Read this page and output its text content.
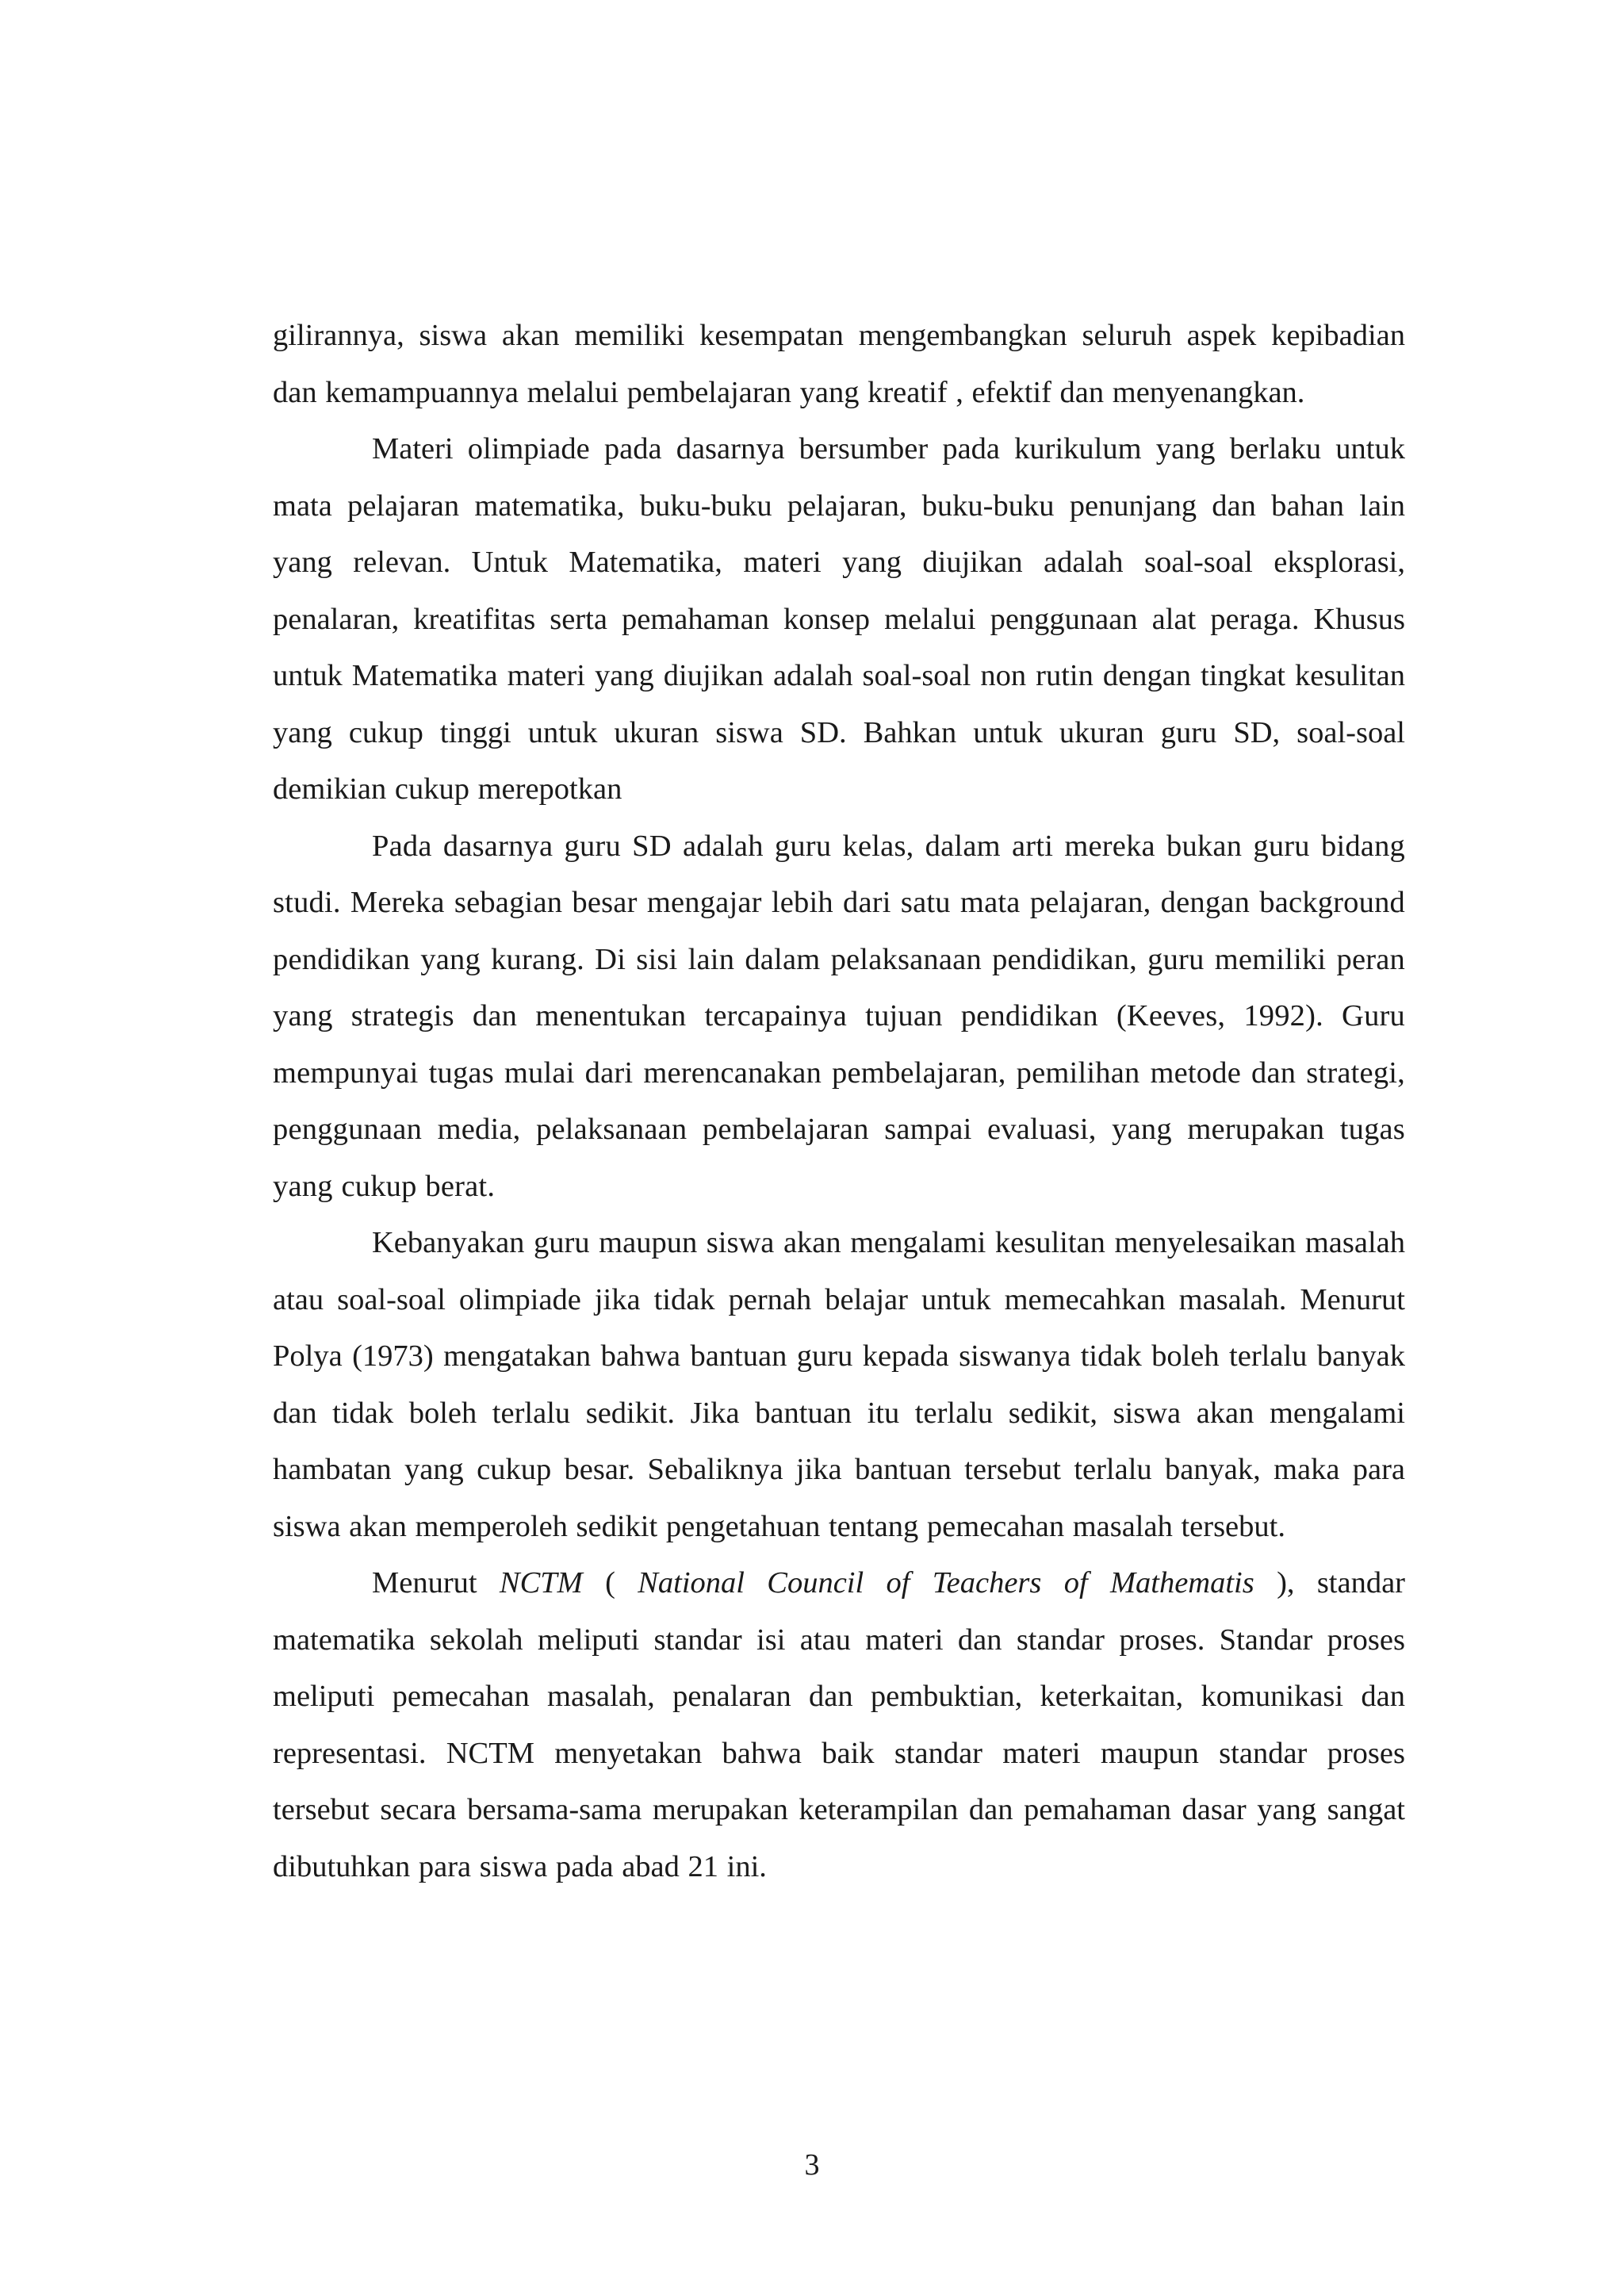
gilirannya, siswa akan memiliki kesempatan mengembangkan seluruh aspek kepibadian dan kemampuannya melalui pembelajaran yang kreatif , efektif dan menyenangkan.

Materi olimpiade pada dasarnya bersumber pada kurikulum yang berlaku untuk mata pelajaran matematika, buku-buku pelajaran, buku-buku penunjang dan bahan lain yang relevan. Untuk Matematika, materi yang diujikan adalah soal-soal eksplorasi, penalaran, kreatifitas serta pemahaman konsep melalui penggunaan alat peraga. Khusus untuk Matematika materi yang diujikan adalah soal-soal non rutin dengan tingkat kesulitan yang cukup tinggi untuk ukuran siswa SD. Bahkan untuk ukuran guru SD, soal-soal demikian cukup merepotkan

Pada dasarnya guru SD adalah guru kelas, dalam arti mereka bukan guru bidang studi. Mereka sebagian besar mengajar lebih dari satu mata pelajaran, dengan background pendidikan yang kurang. Di sisi lain dalam pelaksanaan pendidikan, guru memiliki peran yang strategis dan menentukan tercapainya tujuan pendidikan (Keeves, 1992). Guru mempunyai tugas mulai dari merencanakan pembelajaran, pemilihan metode dan strategi, penggunaan media, pelaksanaan pembelajaran sampai evaluasi, yang merupakan tugas yang cukup berat.

Kebanyakan guru maupun siswa akan mengalami kesulitan menyelesaikan masalah atau soal-soal olimpiade jika tidak pernah belajar untuk memecahkan masalah. Menurut Polya (1973) mengatakan bahwa bantuan guru kepada siswanya tidak boleh terlalu banyak dan tidak boleh terlalu sedikit. Jika bantuan itu terlalu sedikit, siswa akan mengalami hambatan yang cukup besar. Sebaliknya jika bantuan tersebut terlalu banyak, maka para siswa akan memperoleh sedikit pengetahuan tentang pemecahan masalah tersebut.

Menurut NCTM ( National Council of Teachers of Mathematis ), standar matematika sekolah meliputi standar isi atau materi dan standar proses. Standar proses meliputi pemecahan masalah, penalaran dan pembuktian, keterkaitan, komunikasi dan representasi. NCTM menyetakan bahwa baik standar materi maupun standar proses tersebut secara bersama-sama merupakan keterampilan dan pemahaman dasar yang sangat dibutuhkan para siswa pada abad 21 ini.

3
